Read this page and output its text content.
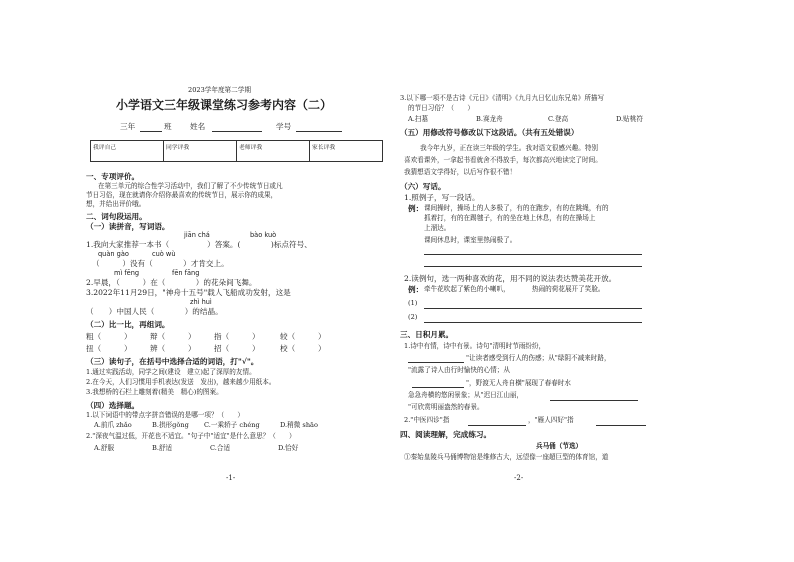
2023学年度第二学期
小学语文三年级课堂练习参考内容（二）
三年	班 姓名	学号
我评自己	同学评我	老师评我	家长评我
一、专项评价。
在第三单元的综合性学习活动中，我们了解了不少传统节日或凡
节日习俗，现在就请你介绍你最喜欢的传统节日，展示你的成果，
想，并给出评价哦。
二、词句段运用。
（一）读拼音，写词语。
jiān chá	bào kuò
1.我向大家推荐一本书（　　　　　）答案。(　　　　)标点符号、
quàn gào	cuò wù
（　　　）没有（　　　　）才肯交上。
mì fēng	fēn fāng
2.早晨，（　　　）在（　　　　）的花朵间飞舞。
3.2022年11月29日，"神舟十五号"载人飞船成功发射，这是
zhì huì
（　　）中国人民（　　　　）的结晶。
（二）比一比，再组词。
粗（　　　） 辩（　　　） 指（　　　）	较（　　　）
扭（　　　） 辨（　　　） 招（　　　）	校（　　　）
（三）读句子，在括号中选择合适的词语，打"√"。
1.通过实践活动，同学之间(建设　建立)起了深厚的友情。
2.在今天，人们习惯用手机表达(发送　发出)，越来越少用纸本。
3.我想桥的石栏上雕刻着(精美　精心)的图案。
（四）选择题。
1.以下词语中的带点字拼音错误的是哪一项？（　　）
A.前爪 zhǎo	B.拱形gǒng C.一乘轿子 chéng	D.稍微 shāo
2."深夜气温过低，开花也不适宜。"句子中"适宜"是什么意思？（　　）
A.舒服	B.舒适	C.合适	D.恰好
-1-
3.以下哪一项不是古诗《元日》《清明》《九月九日忆山东兄弟》所描写
的节日习俗？（　　）
A.扫墓	B.赛龙舟	C.登高	D.贴桃符
（五）用修改符号修改以下这段话。（共有五处错误）
我今年九岁，正在读三年级的学生。我对语文很感兴趣。特别
喜欢看课外，一拿起书看就舍不得放手，每次都高兴地读完了时间。
我猜想语文学得好，以后写作很不错！
（六）写话。
1.照例子，写一段话。
例： 课间操时，操场上的人多极了，有的在跑步，有的在跳绳，有的
抓着打，有的在踢毽子，有的坐在地上休息，有的在操场上
上溜达。
课间休息时，课室里热闹极了。
2.读例句，选一两种喜欢的花，用不同的说法表达赞美花开放。
例： 牵牛花吹起了紫色的小喇叭，	热闹的荷花展开了笑脸。
(1)
(2)
三、日积月累。
1.诗中有情，诗中有景。诗句"清明时节雨纷纷，
"让读者感受到行人的伤感；从"绿阴不减来时路，
"流露了诗人由行时愉快的心情；从
"，野渡无人舟自横"展现了春春时水
急急舟横的悠闲景象；从"迟日江山丽，
"可欣赏明丽盎然的春景。
2."中医四诊"指	，"雁人四好"指
四、阅读理解，完成练习。
兵马俑（节选）
①秦始皇陵兵马俑博物馆是维修古大，远望像一座超巨型的体育馆，道
-2-
